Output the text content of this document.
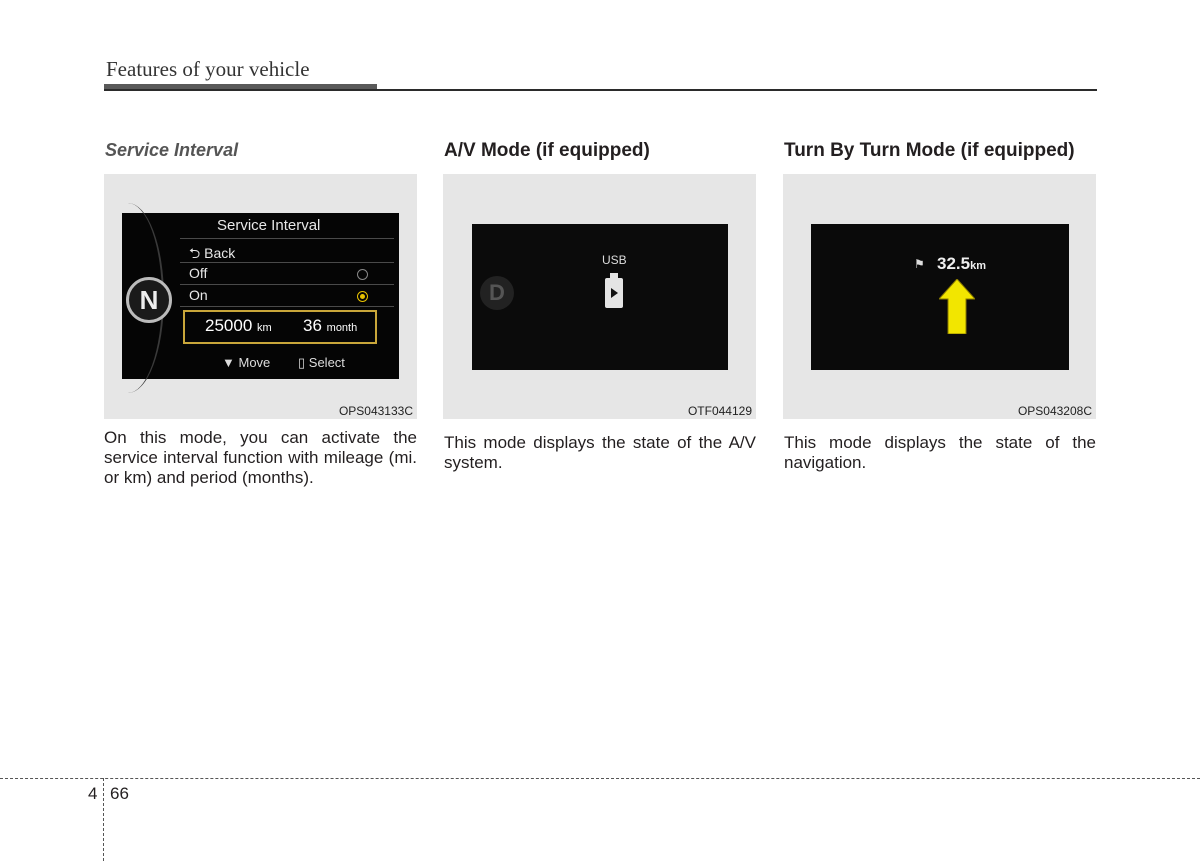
Features of your vehicle
Service Interval
N
Service Interval
⮌ Back
Off
On
25000 km 36 month
▼ Move ▯ Select
OPS043133C
On this mode, you can activate the service interval function with mileage (mi. or km) and period (months).
A/V Mode (if equipped)
D
USB
OTF044129
This mode displays the state of the A/V system.
Turn By Turn Mode (if equipped)
⚑ 32.5km
OPS043208C
This mode displays the state of the navigation.
4 66
